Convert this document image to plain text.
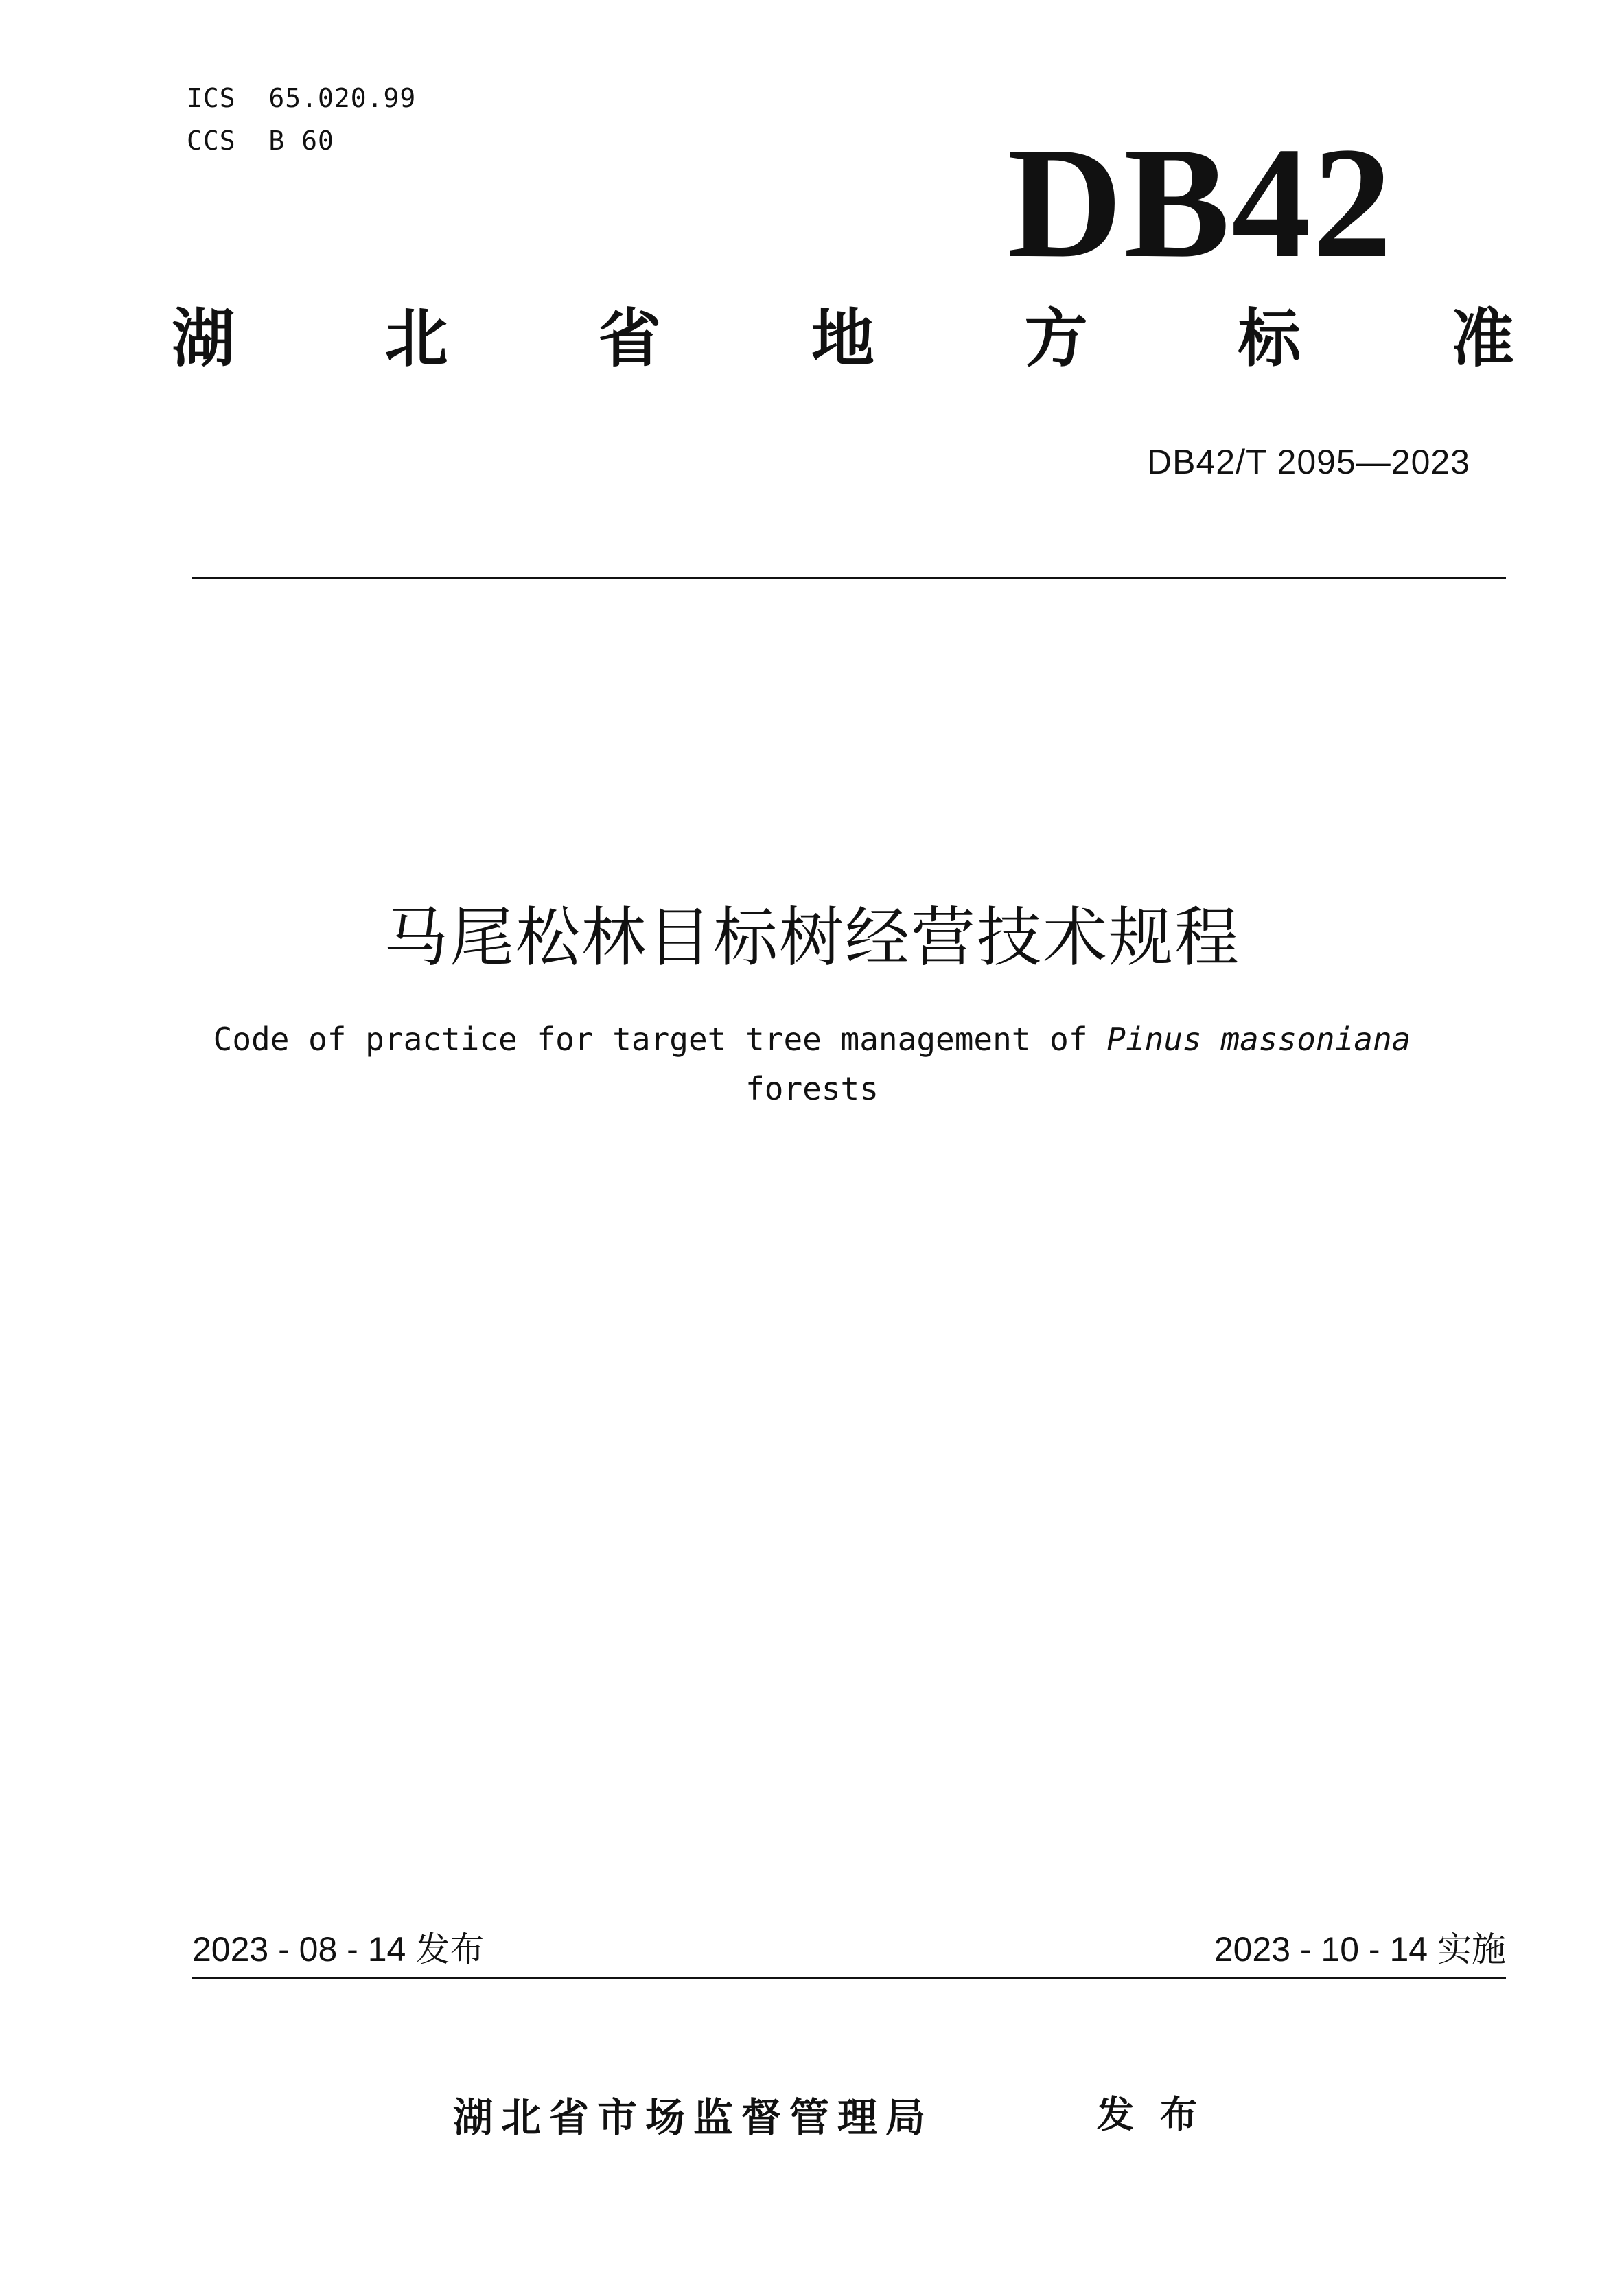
ICS  65.020.99
CCS  B 60	DB42
湖 北 省 地 方 标 准
DB42/T 2095—2023
马尾松林目标树经营技术规程
Code of practice for target tree management of Pinus massoniana
forests
2023 - 08 - 14 发布	2023 - 10 - 14 实施
湖北省市场监督管理局	发布
